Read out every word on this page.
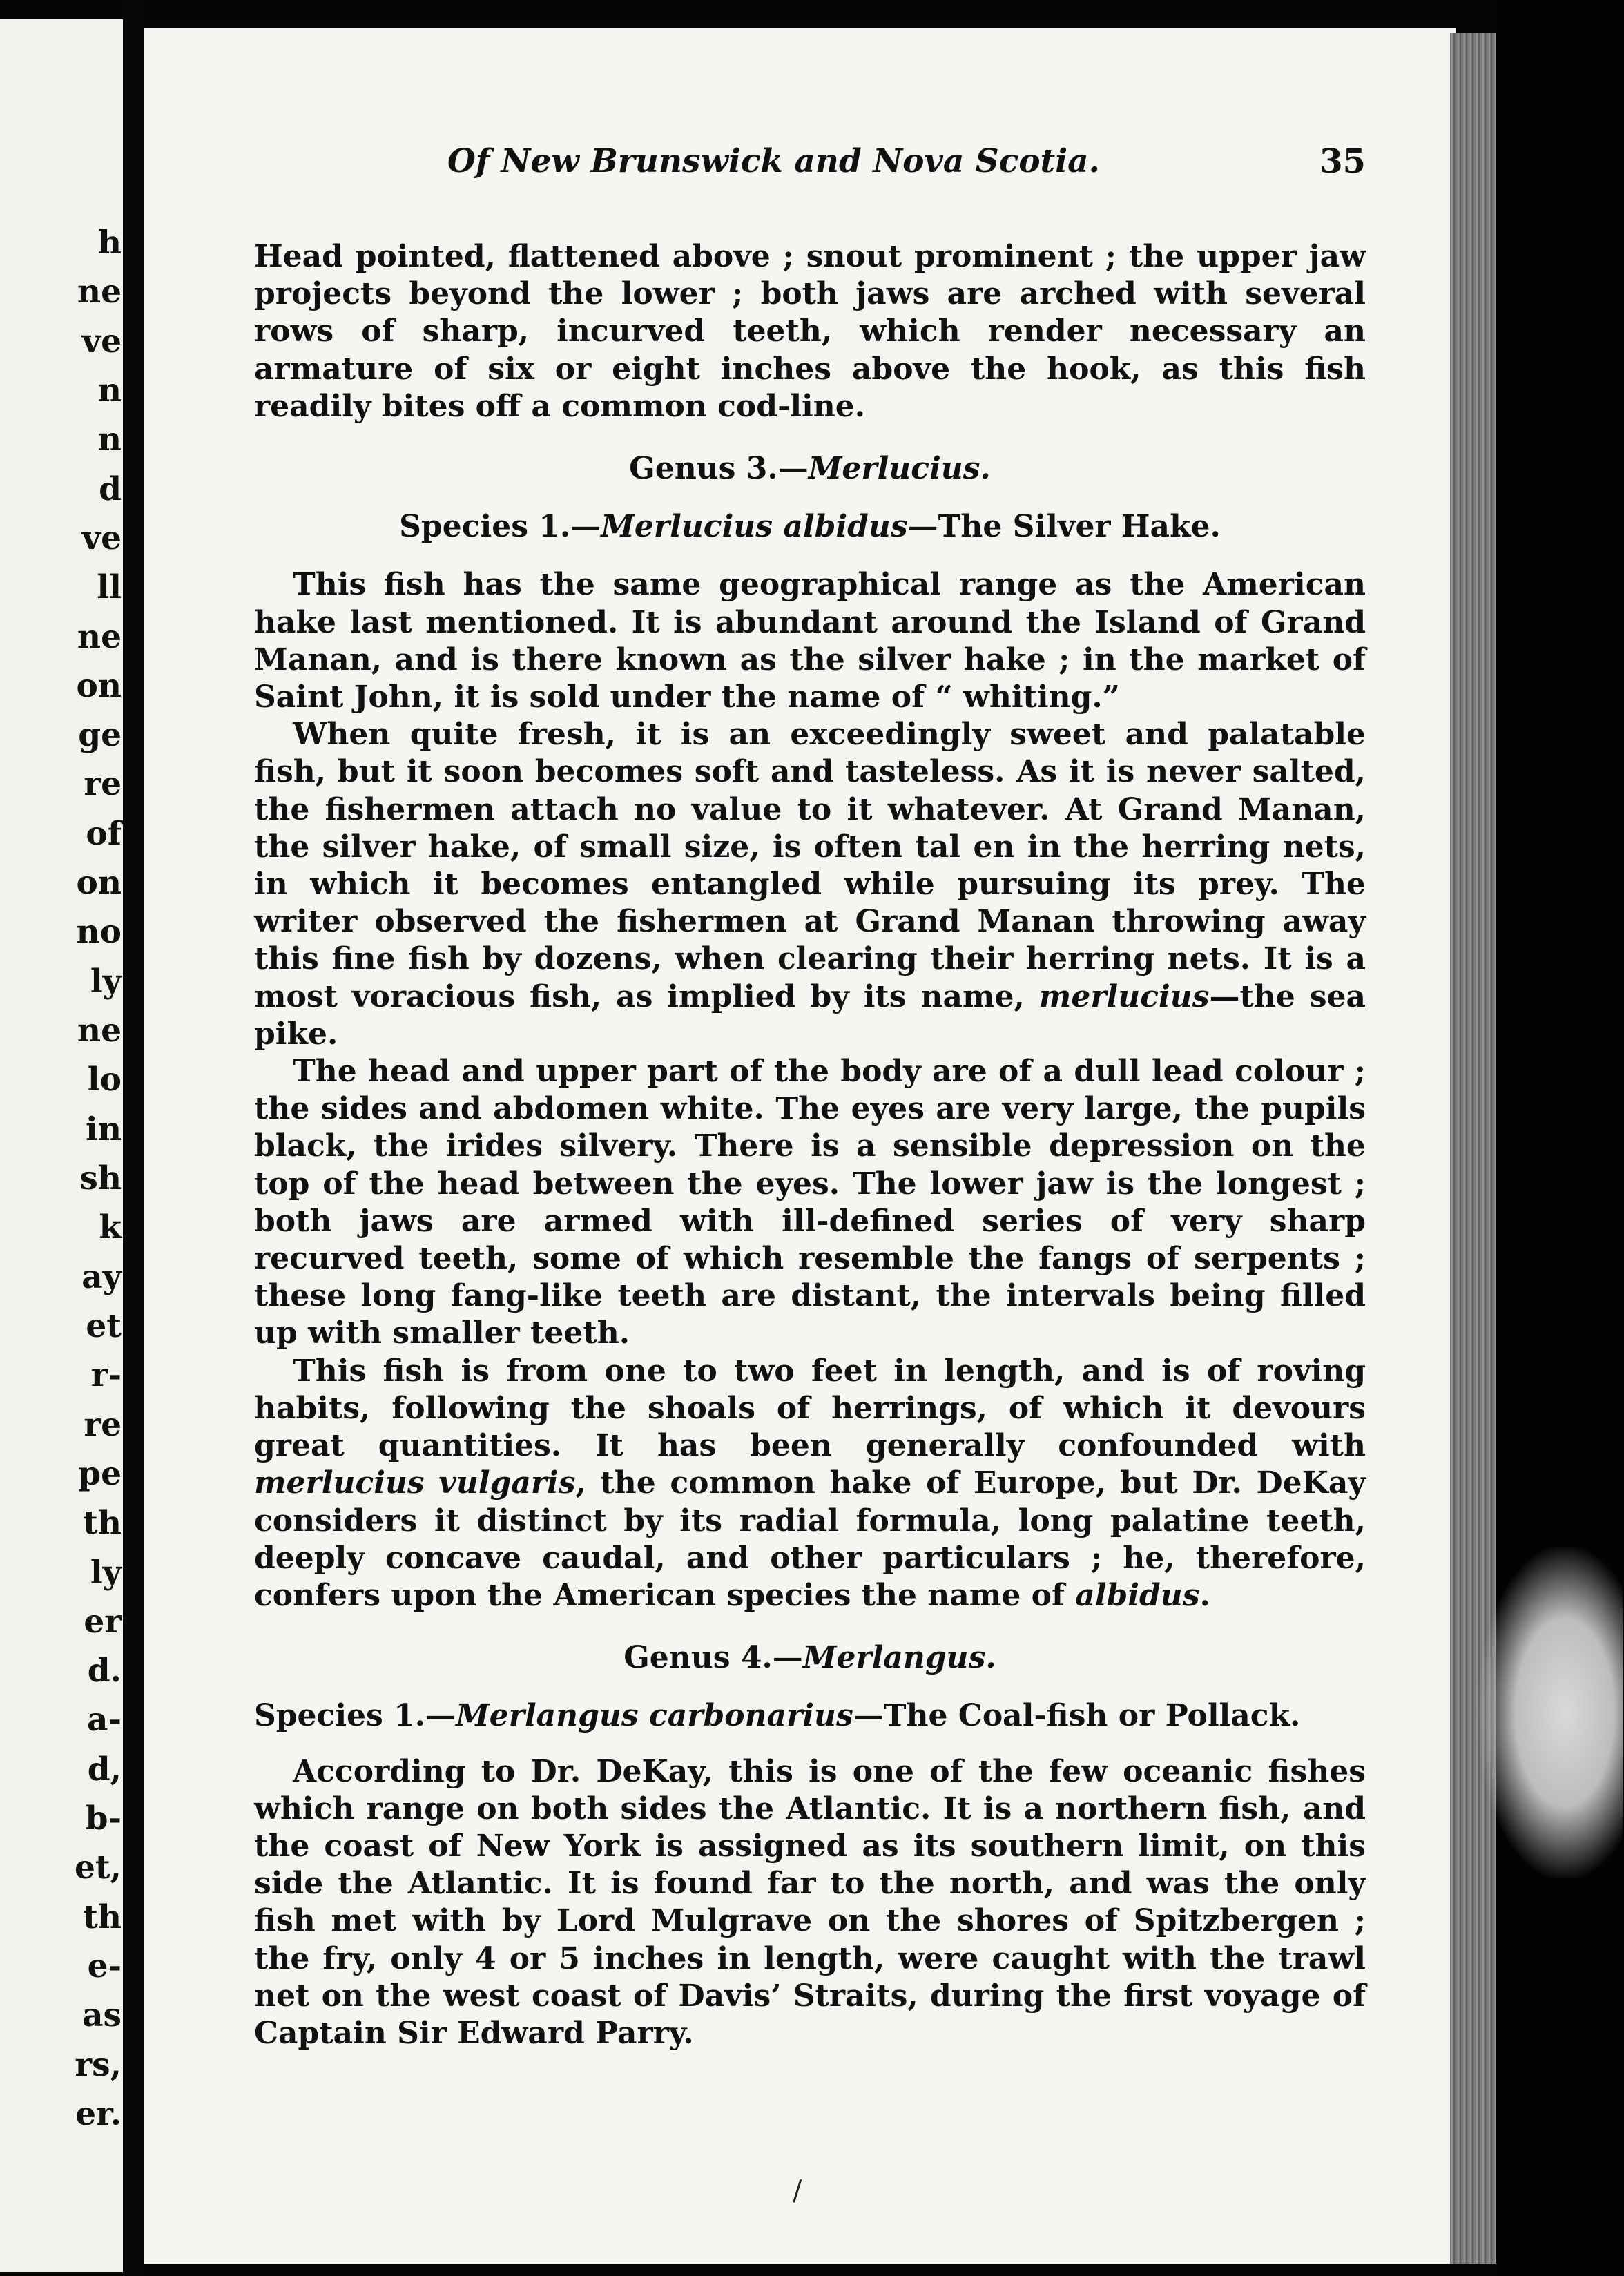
h
ne
ve
n
n
d
ve
ll
ne
on
ge
re
of
on
no
ly
ne
lo
in
sh
k
ay
et
r-
re
pe
th
ly
er
d.
a-
d,
b-
et,
th
e-
as
rs,
er.
Of New Brunswick and Nova Scotia.	35

Head pointed, flattened above ; snout prominent ; the upper jaw projects beyond the lower ; both jaws are arched with several rows of sharp, incurved teeth, which render necessary an armature of six or eight inches above the hook, as this fish readily bites off a common cod-line.

Genus 3.—Merlucius.
Species 1.—Merlucius albidus—The Silver Hake.

This fish has the same geographical range as the American hake last mentioned. It is abundant around the Island of Grand Manan, and is there known as the silver hake ; in the market of Saint John, it is sold under the name of “ whiting.”

When quite fresh, it is an exceedingly sweet and palatable fish, but it soon becomes soft and tasteless. As it is never salted, the fishermen attach no value to it whatever. At Grand Manan, the silver hake, of small size, is often tal en in the herring nets, in which it becomes entangled while pursuing its prey. The writer observed the fishermen at Grand Manan throwing away this fine fish by dozens, when clearing their herring nets. It is a most voracious fish, as implied by its name, merlucius—the sea pike.

The head and upper part of the body are of a dull lead colour ; the sides and abdomen white. The eyes are very large, the pupils black, the irides silvery. There is a sensible depression on the top of the head between the eyes. The lower jaw is the longest ; both jaws are armed with ill-defined series of very sharp recurved teeth, some of which resemble the fangs of serpents ; these long fang-like teeth are distant, the intervals being filled up with smaller teeth.

This fish is from one to two feet in length, and is of roving habits, following the shoals of herrings, of which it devours great quantities. It has been generally confounded with merlucius vulgaris, the common hake of Europe, but Dr. DeKay considers it distinct by its radial formula, long palatine teeth, deeply concave caudal, and other particulars ; he, therefore, confers upon the American species the name of albidus.

Genus 4.—Merlangus.
Species 1.—Merlangus carbonarius—The Coal-fish or Pollack.

According to Dr. DeKay, this is one of the few oceanic fishes which range on both sides the Atlantic. It is a northern fish, and the coast of New York is assigned as its southern limit, on this side the Atlantic. It is found far to the north, and was the only fish met with by Lord Mulgrave on the shores of Spitzbergen ; the fry, only 4 or 5 inches in length, were caught with the trawl net on the west coast of Davis’ Straits, during the first voyage of Captain Sir Edward Parry.

/
